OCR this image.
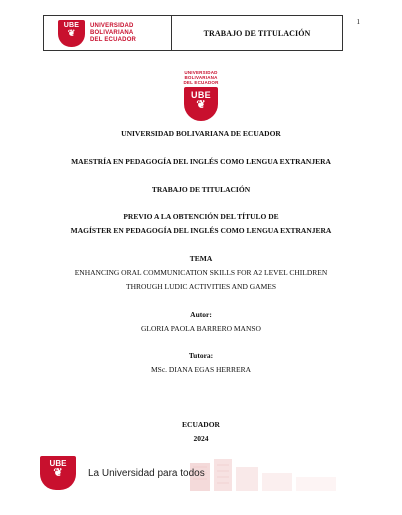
UBE
❦
UNIVERSIDAD
BOLIVARIANA
DEL ECUADOR
TRABAJO DE TITULACIÓN
1
UNIVERSIDAD
BOLIVARIANA
DEL ECUADOR
UBE
❦
UNIVERSIDAD BOLIVARIANA DE ECUADOR
MAESTRÍA EN PEDAGOGÍA DEL INGLÉS COMO LENGUA EXTRANJERA
TRABAJO DE TITULACIÓN
PREVIO A LA OBTENCIÓN DEL TÍTULO DE
MAGÍSTER EN PEDAGOGÍA DEL INGLÉS COMO LENGUA EXTRANJERA
TEMA
ENHANCING ORAL COMMUNICATION SKILLS FOR A2 LEVEL CHILDREN
THROUGH LUDIC ACTIVITIES AND GAMES
Autor:
GLORIA PAOLA BARRERO MANSO
Tutora:
MSc. DIANA EGAS HERRERA
ECUADOR
2024
UBE
❦	La Universidad para todos
